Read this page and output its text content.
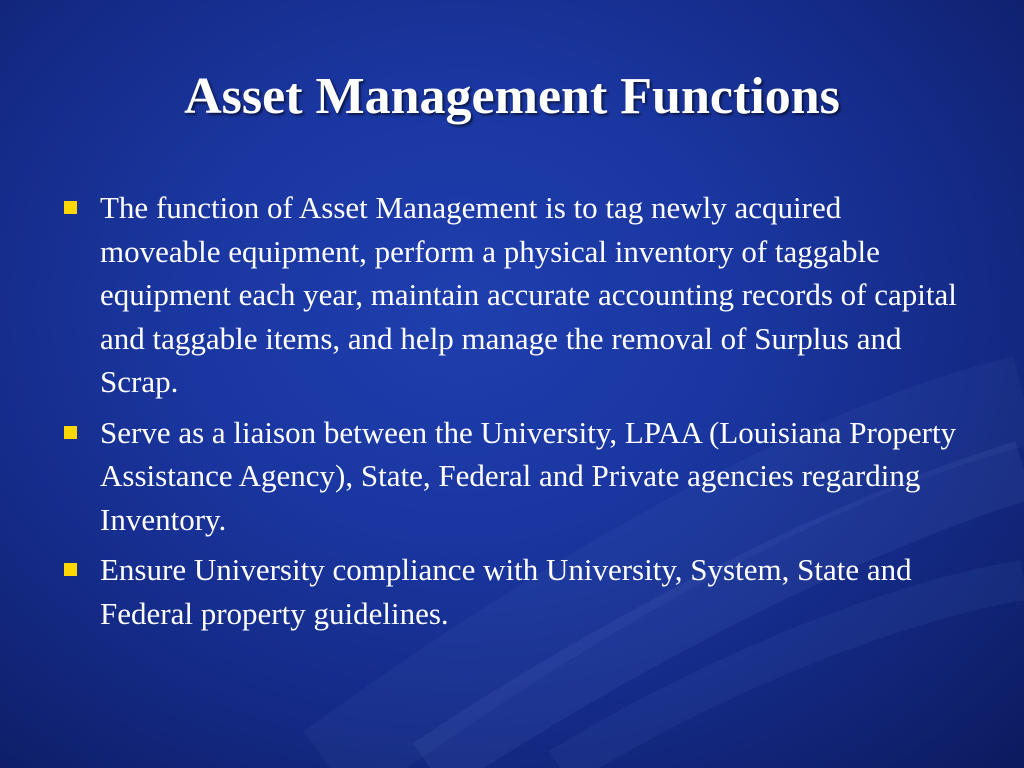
Asset Management Functions
The function of Asset Management is to tag newly acquired moveable equipment, perform a physical inventory of taggable equipment each year, maintain accurate accounting records of capital and taggable items, and help manage the removal of Surplus and Scrap.
Serve as a liaison between the University, LPAA (Louisiana Property Assistance Agency), State, Federal and Private agencies regarding Inventory.
Ensure University compliance with University, System, State and Federal property guidelines.
